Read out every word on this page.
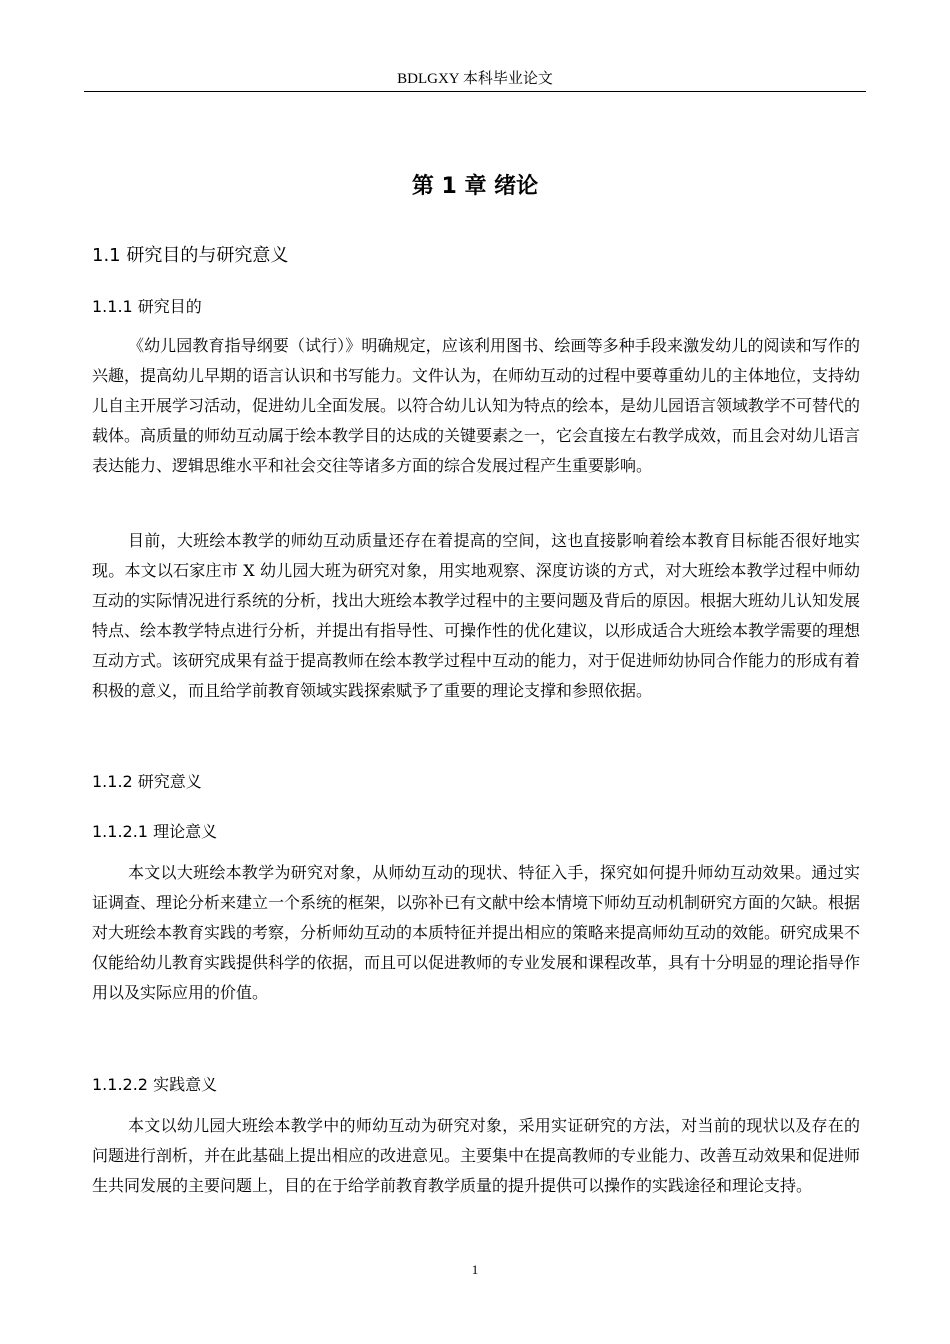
BDLGXY 本科毕业论文
第 1 章 绪论
1.1 研究目的与研究意义
1.1.1 研究目的

《幼儿园教育指导纲要（试行）》明确规定，应该利用图书、绘画等多种手段来激发幼儿的阅读和写作的兴趣，提高幼儿早期的语言认识和书写能力。文件认为，在师幼互动的过程中要尊重幼儿的主体地位，支持幼儿自主开展学习活动，促进幼儿全面发展。以符合幼儿认知为特点的绘本，是幼儿园语言领域教学不可替代的载体。高质量的师幼互动属于绘本教学目的达成的关键要素之一，它会直接左右教学成效，而且会对幼儿语言表达能力、逻辑思维水平和社会交往等诸多方面的综合发展过程产生重要影响。

目前，大班绘本教学的师幼互动质量还存在着提高的空间，这也直接影响着绘本教育目标能否很好地实现。本文以石家庄市 X 幼儿园大班为研究对象，用实地观察、深度访谈的方式，对大班绘本教学过程中师幼互动的实际情况进行系统的分析，找出大班绘本教学过程中的主要问题及背后的原因。根据大班幼儿认知发展特点、绘本教学特点进行分析，并提出有指导性、可操作性的优化建议，以形成适合大班绘本教学需要的理想互动方式。该研究成果有益于提高教师在绘本教学过程中互动的能力，对于促进师幼协同合作能力的形成有着积极的意义，而且给学前教育领域实践探索赋予了重要的理论支撑和参照依据。

1.1.2 研究意义
1.1.2.1 理论意义

本文以大班绘本教学为研究对象，从师幼互动的现状、特征入手，探究如何提升师幼互动效果。通过实证调查、理论分析来建立一个系统的框架，以弥补已有文献中绘本情境下师幼互动机制研究方面的欠缺。根据对大班绘本教育实践的考察，分析师幼互动的本质特征并提出相应的策略来提高师幼互动的效能。研究成果不仅能给幼儿教育实践提供科学的依据，而且可以促进教师的专业发展和课程改革，具有十分明显的理论指导作用以及实际应用的价值。

1.1.2.2 实践意义

本文以幼儿园大班绘本教学中的师幼互动为研究对象，采用实证研究的方法，对当前的现状以及存在的问题进行剖析，并在此基础上提出相应的改进意见。主要集中在提高教师的专业能力、改善互动效果和促进师生共同发展的主要问题上，目的在于给学前教育教学质量的提升提供可以操作的实践途径和理论支持。

1
